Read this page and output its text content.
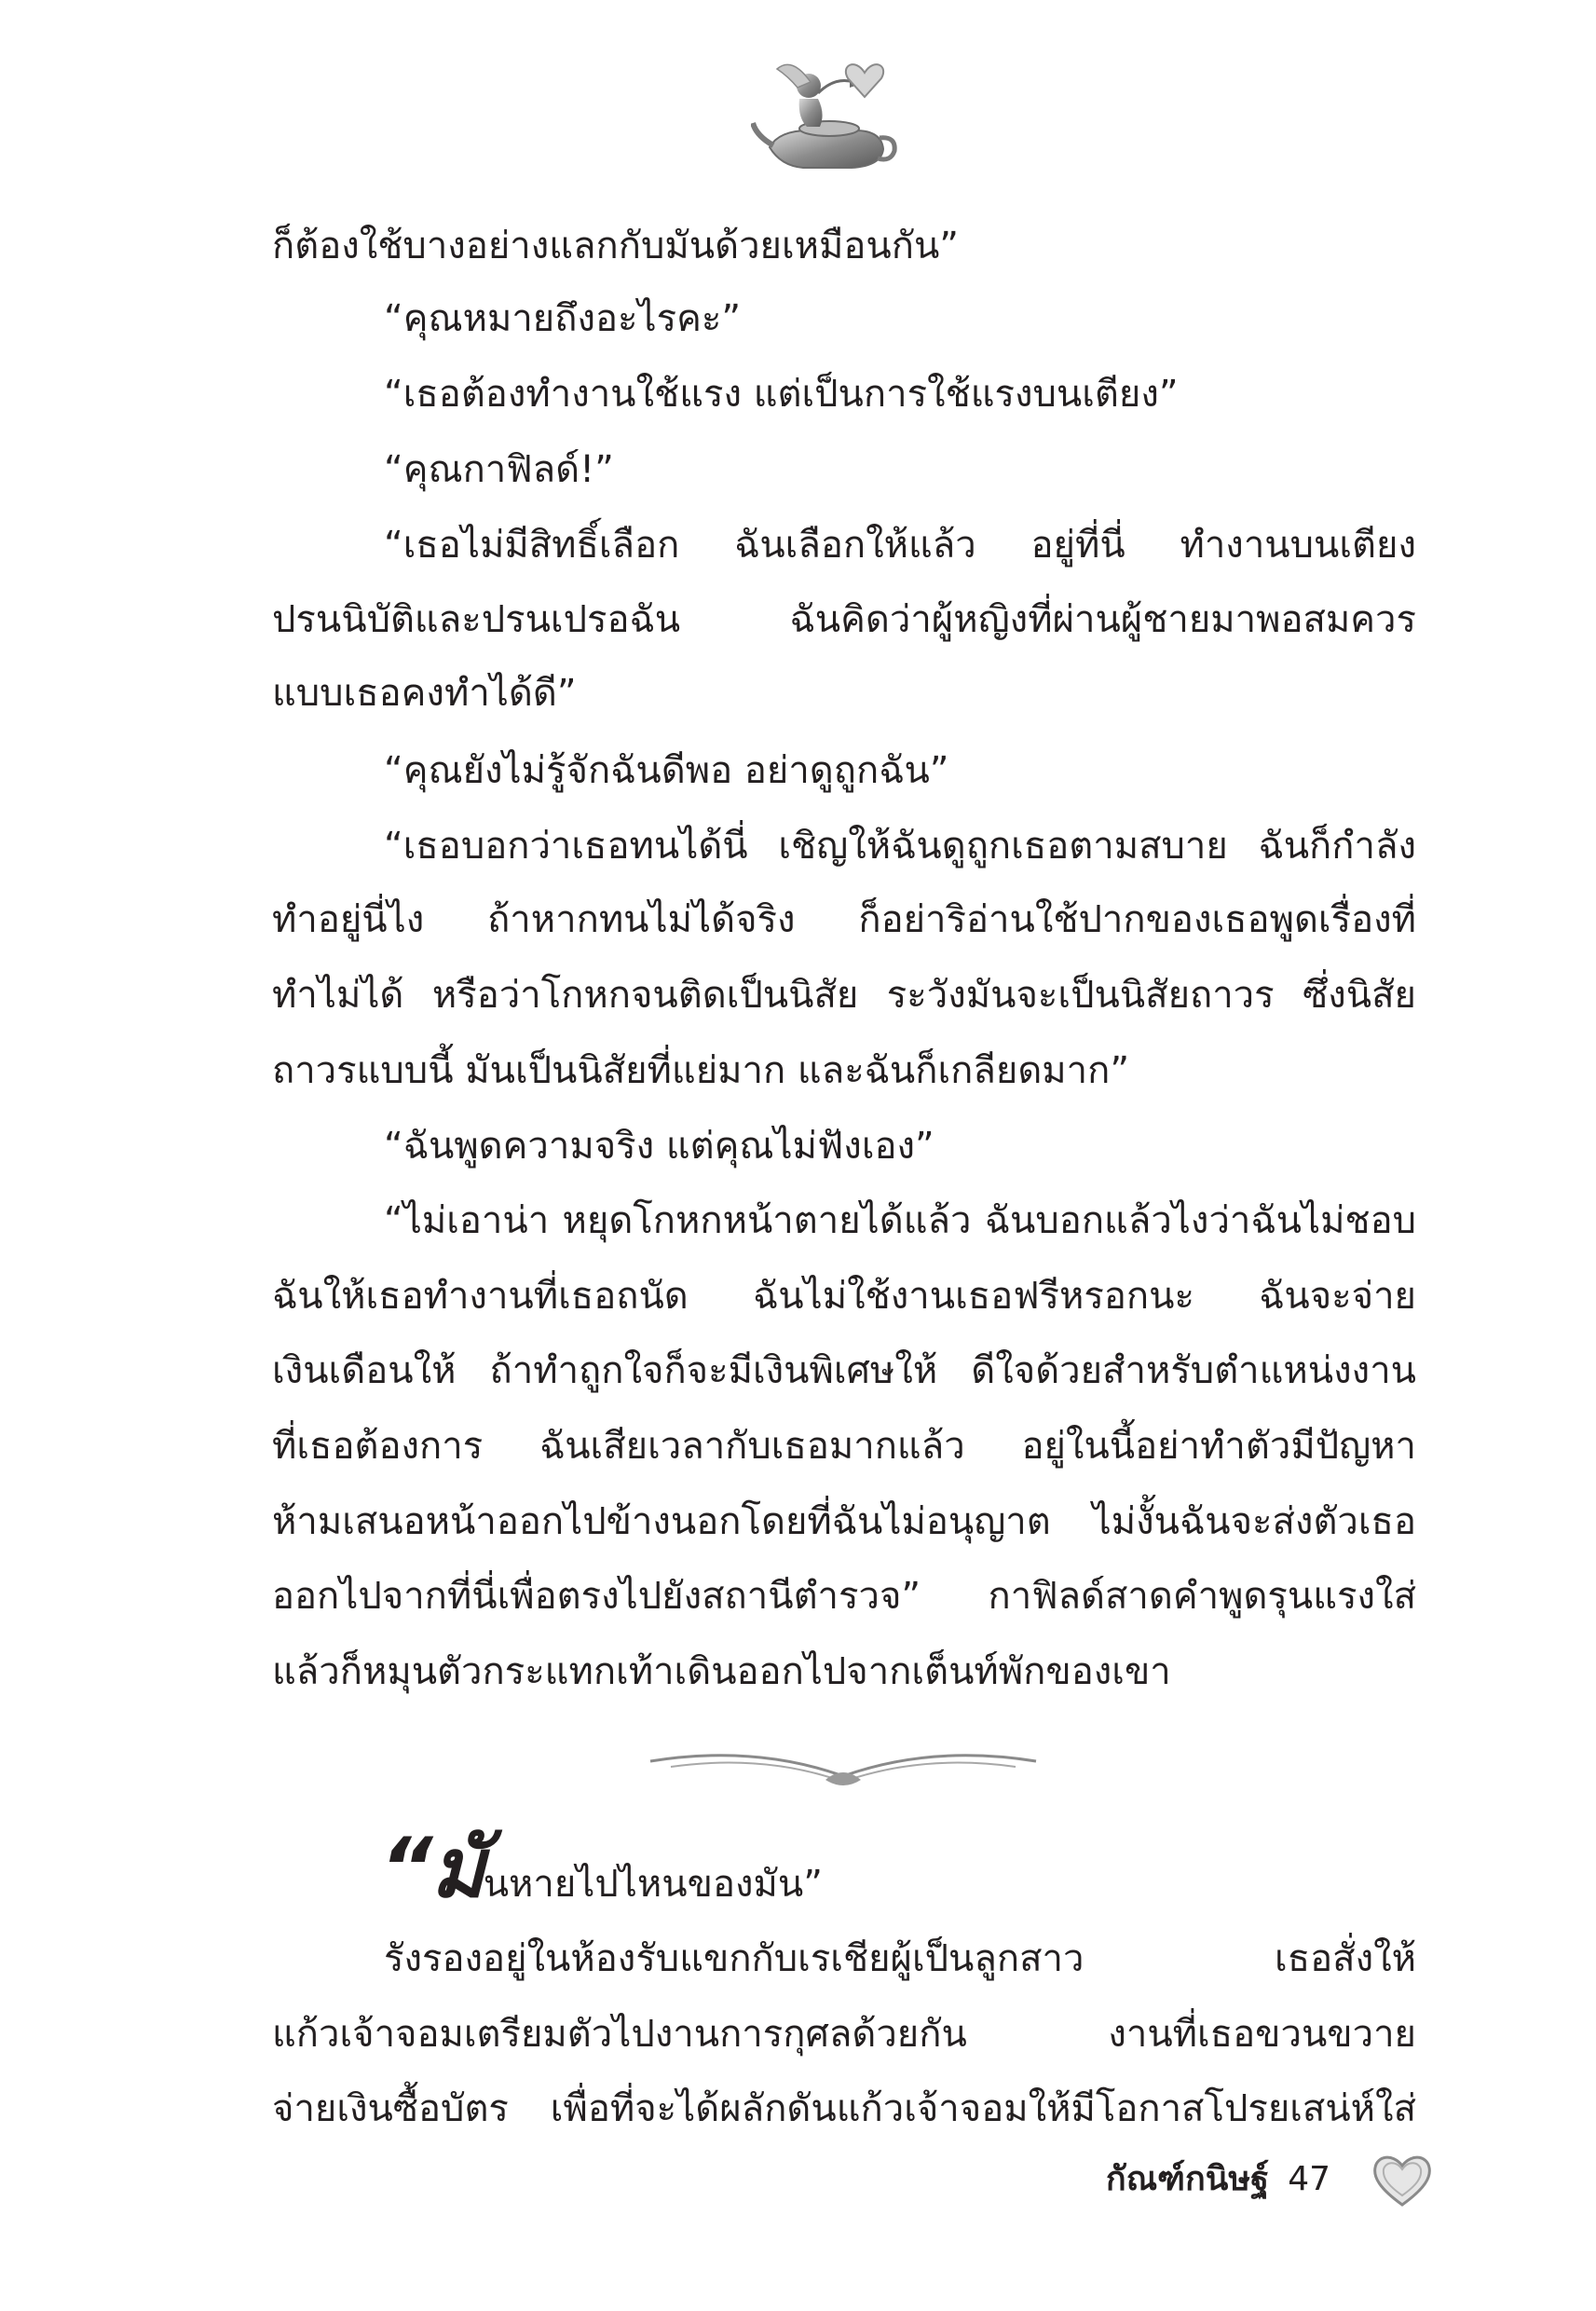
ก็ต้องใช้บางอย่างแลกกับมันด้วยเหมือนกัน”
“คุณหมายถึงอะไรคะ”
“เธอต้องทำงานใช้แรง แต่เป็นการใช้แรงบนเตียง”
“คุณกาฟิลด์!”
“เธอไม่มีสิทธิ์เลือก ฉันเลือกให้แล้ว อยู่ที่นี่ ทำงานบนเตียง
ปรนนิบัติและปรนเปรอฉัน ฉันคิดว่าผู้หญิงที่ผ่านผู้ชายมาพอสมควร
แบบเธอคงทำได้ดี”
“คุณยังไม่รู้จักฉันดีพอ อย่าดูถูกฉัน”
“เธอบอกว่าเธอทนได้นี่ เชิญให้ฉันดูถูกเธอตามสบาย ฉันก็กำลัง
ทำอยู่นี่ไง ถ้าหากทนไม่ได้จริง ก็อย่าริอ่านใช้ปากของเธอพูดเรื่องที่
ทำไม่ได้ หรือว่าโกหกจนติดเป็นนิสัย ระวังมันจะเป็นนิสัยถาวร ซึ่งนิสัย
ถาวรแบบนี้ มันเป็นนิสัยที่แย่มาก และฉันก็เกลียดมาก”
“ฉันพูดความจริง แต่คุณไม่ฟังเอง”
“ไม่เอาน่า หยุดโกหกหน้าตายได้แล้ว ฉันบอกแล้วไงว่าฉันไม่ชอบ
ฉันให้เธอทำงานที่เธอถนัด ฉันไม่ใช้งานเธอฟรีหรอกนะ ฉันจะจ่าย
เงินเดือนให้ ถ้าทำถูกใจก็จะมีเงินพิเศษให้ ดีใจด้วยสำหรับตำแหน่งงาน
ที่เธอต้องการ ฉันเสียเวลากับเธอมากแล้ว อยู่ในนี้อย่าทำตัวมีปัญหา
ห้ามเสนอหน้าออกไปข้างนอกโดยที่ฉันไม่อนุญาต ไม่งั้นฉันจะส่งตัวเธอ
ออกไปจากที่นี่เพื่อตรงไปยังสถานีตำรวจ” กาฟิลด์สาดคำพูดรุนแรงใส่
แล้วก็หมุนตัวกระแทกเท้าเดินออกไปจากเต็นท์พักของเขา
“มันหายไปไหนของมัน”
รังรองอยู่ในห้องรับแขกกับเรเชียผู้เป็นลูกสาว เธอสั่งให้
แก้วเจ้าจอมเตรียมตัวไปงานการกุศลด้วยกัน งานที่เธอขวนขวาย
จ่ายเงินซื้อบัตร เพื่อที่จะได้ผลักดันแก้วเจ้าจอมให้มีโอกาสโปรยเสน่ห์ใส่
กัณฑ์กนิษฐ์ 47
